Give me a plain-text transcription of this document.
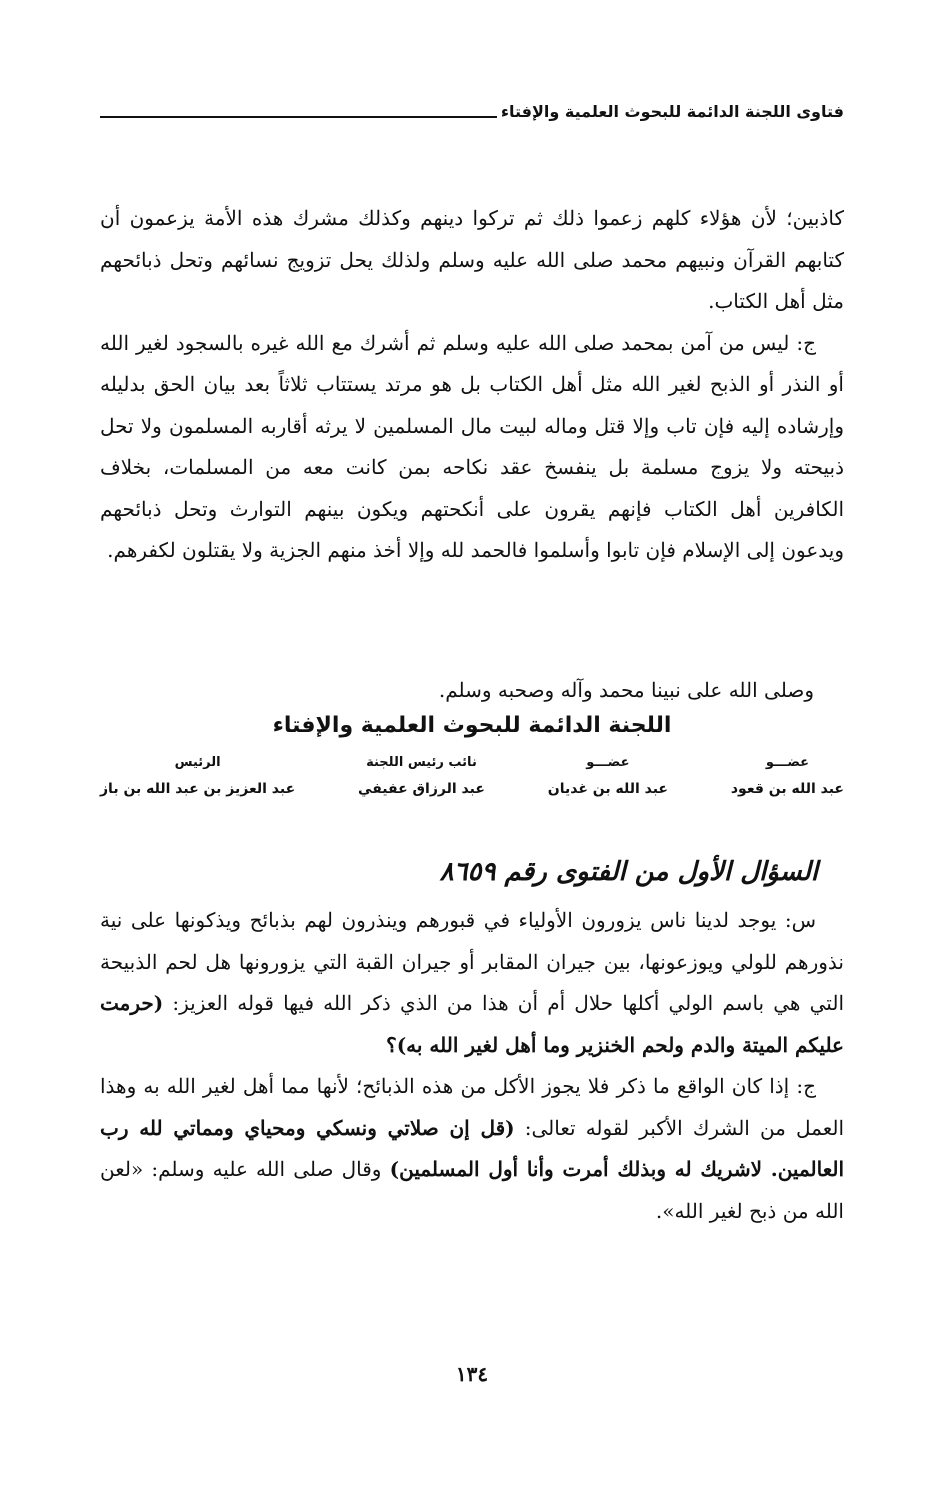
فتاوى اللجنة الدائمة للبحوث العلمية والإفتاء

كاذبين؛ لأن هؤلاء كلهم زعموا ذلك ثم تركوا دينهم وكذلك مشرك هذه الأمة يزعمون أن كتابهم القرآن ونبيهم محمد صلى الله عليه وسلم ولذلك يحل تزويج نسائهم وتحل ذبائحهم مثل أهل الكتاب.

ج: ليس من آمن بمحمد صلى الله عليه وسلم ثم أشرك مع الله غيره بالسجود لغير الله أو النذر أو الذبح لغير الله مثل أهل الكتاب بل هو مرتد يستتاب ثلاثاً بعد بيان الحق بدليله وإرشاده إليه فإن تاب وإلا قتل وماله لبيت مال المسلمين لا يرثه أقاربه المسلمون ولا تحل ذبيحته ولا يزوج مسلمة بل ينفسخ عقد نكاحه بمن كانت معه من المسلمات، بخلاف الكافرين أهل الكتاب فإنهم يقرون على أنكحتهم ويكون بينهم التوارث وتحل ذبائحهم ويدعون إلى الإسلام فإن تابوا وأسلموا فالحمد لله وإلا أخذ منهم الجزية ولا يقتلون لكفرهم.

وصلى الله على نبينا محمد وآله وصحبه وسلم.
اللجنة الدائمة للبحوث العلمية والإفتاء
عضـــو
عبد الله بن قعود
عضـــو
عبد الله بن غديان
نائب رئيس اللجنة
عبد الرزاق عفيفي
الرئيس
عبد العزيز بن عبد الله بن باز
السؤال الأول من الفتوى رقم ٨٦٥٩

س: يوجد لدينا ناس يزورون الأولياء في قبورهم وينذرون لهم بذبائح ويذكونها على نية نذورهم للولي ويوزعونها، بين جيران المقابر أو جيران القبة التي يزورونها هل لحم الذبيحة التي هي باسم الولي أكلها حلال أم أن هذا من الذي ذكر الله فيها قوله العزيز: (حرمت عليكم الميتة والدم ولحم الخنزير وما أهل لغير الله به)؟

ج: إذا كان الواقع ما ذكر فلا يجوز الأكل من هذه الذبائح؛ لأنها مما أهل لغير الله به وهذا العمل من الشرك الأكبر لقوله تعالى: (قل إن صلاتي ونسكي ومحياي ومماتي لله رب العالمين. لاشريك له وبذلك أمرت وأنا أول المسلمين) وقال صلى الله عليه وسلم: «لعن الله من ذبح لغير الله».

١٣٤
